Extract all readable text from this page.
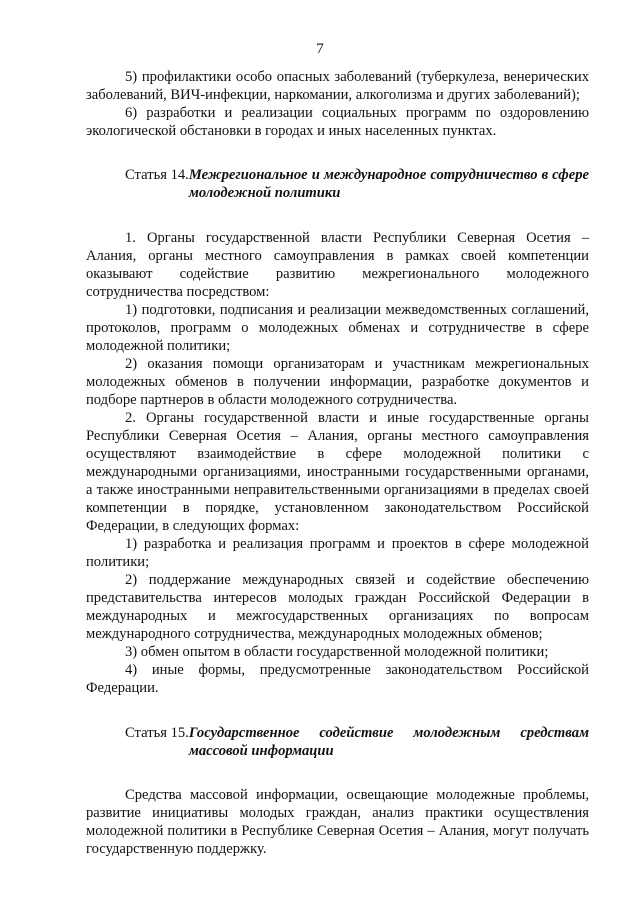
7

5) профилактики особо опасных заболеваний (туберкулеза, венерических заболеваний, ВИЧ-инфекции, наркомании, алкоголизма и других заболеваний);

6) разработки и реализации социальных программ по оздоровлению экологической обстановки в городах и иных населенных пунктах.

Статья 14. Межрегиональное и международное сотрудничество в сфере молодежной политики

1. Органы государственной власти Республики Северная Осетия – Алания, органы местного самоуправления в рамках своей компетенции оказывают содействие развитию межрегионального молодежного сотрудничества посредством:

1) подготовки, подписания и реализации межведомственных соглашений, протоколов, программ о молодежных обменах и сотрудничестве в сфере молодежной политики;

2) оказания помощи организаторам и участникам межрегиональных молодежных обменов в получении информации, разработке документов и подборе партнеров в области молодежного сотрудничества.

2. Органы государственной власти и иные государственные органы Республики Северная Осетия – Алания, органы местного самоуправления осуществляют взаимодействие в сфере молодежной политики с международными организациями, иностранными государственными органами, а также иностранными неправительственными организациями в пределах своей компетенции в порядке, установленном законодательством Российской Федерации, в следующих формах:

1) разработка и реализация программ и проектов в сфере молодежной политики;

2) поддержание международных связей и содействие обеспечению представительства интересов молодых граждан Российской Федерации в международных и межгосударственных организациях по вопросам международного сотрудничества, международных молодежных обменов;

3) обмен опытом в области государственной молодежной политики;

4) иные формы, предусмотренные законодательством Российской Федерации.

Статья 15. Государственное содействие молодежным средствам массовой информации

Средства массовой информации, освещающие молодежные проблемы, развитие инициативы молодых граждан, анализ практики осуществления молодежной политики в Республике Северная Осетия – Алания, могут получать государственную поддержку.
